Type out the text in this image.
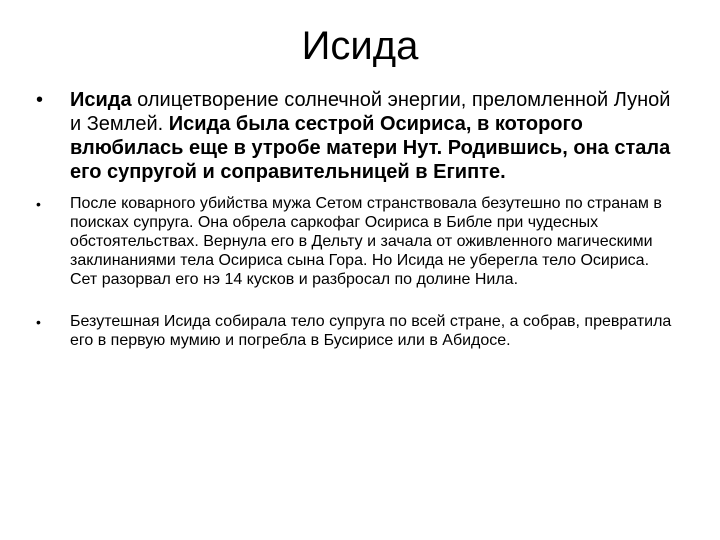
Исида
• Исида олицетворение солнечной энергии, преломленной Луной и Землей. Исида была сестрой Осириса, в которого влюбилась еще в утробе матери Нут. Родившись, она стала его супругой и соправительницей в Египте.
• После коварного убийства мужа Сетом странствовала безутешно по странам в поисках супруга. Она обрела саркофаг Осириса в Библе при чудесных обстоятельствах. Вернула его в Дельту и зачала от оживленного магическими заклинаниями тела Осириса сына Гора. Но Исида не уберегла тело Осириса. Сет разорвал его нэ 14 кусков и разбросал по долине Нила.
• Безутешная Исида собирала тело супруга по всей стране, а собрав, превратила его в первую мумию и погребла в Бусирисе или в Абидосе.
